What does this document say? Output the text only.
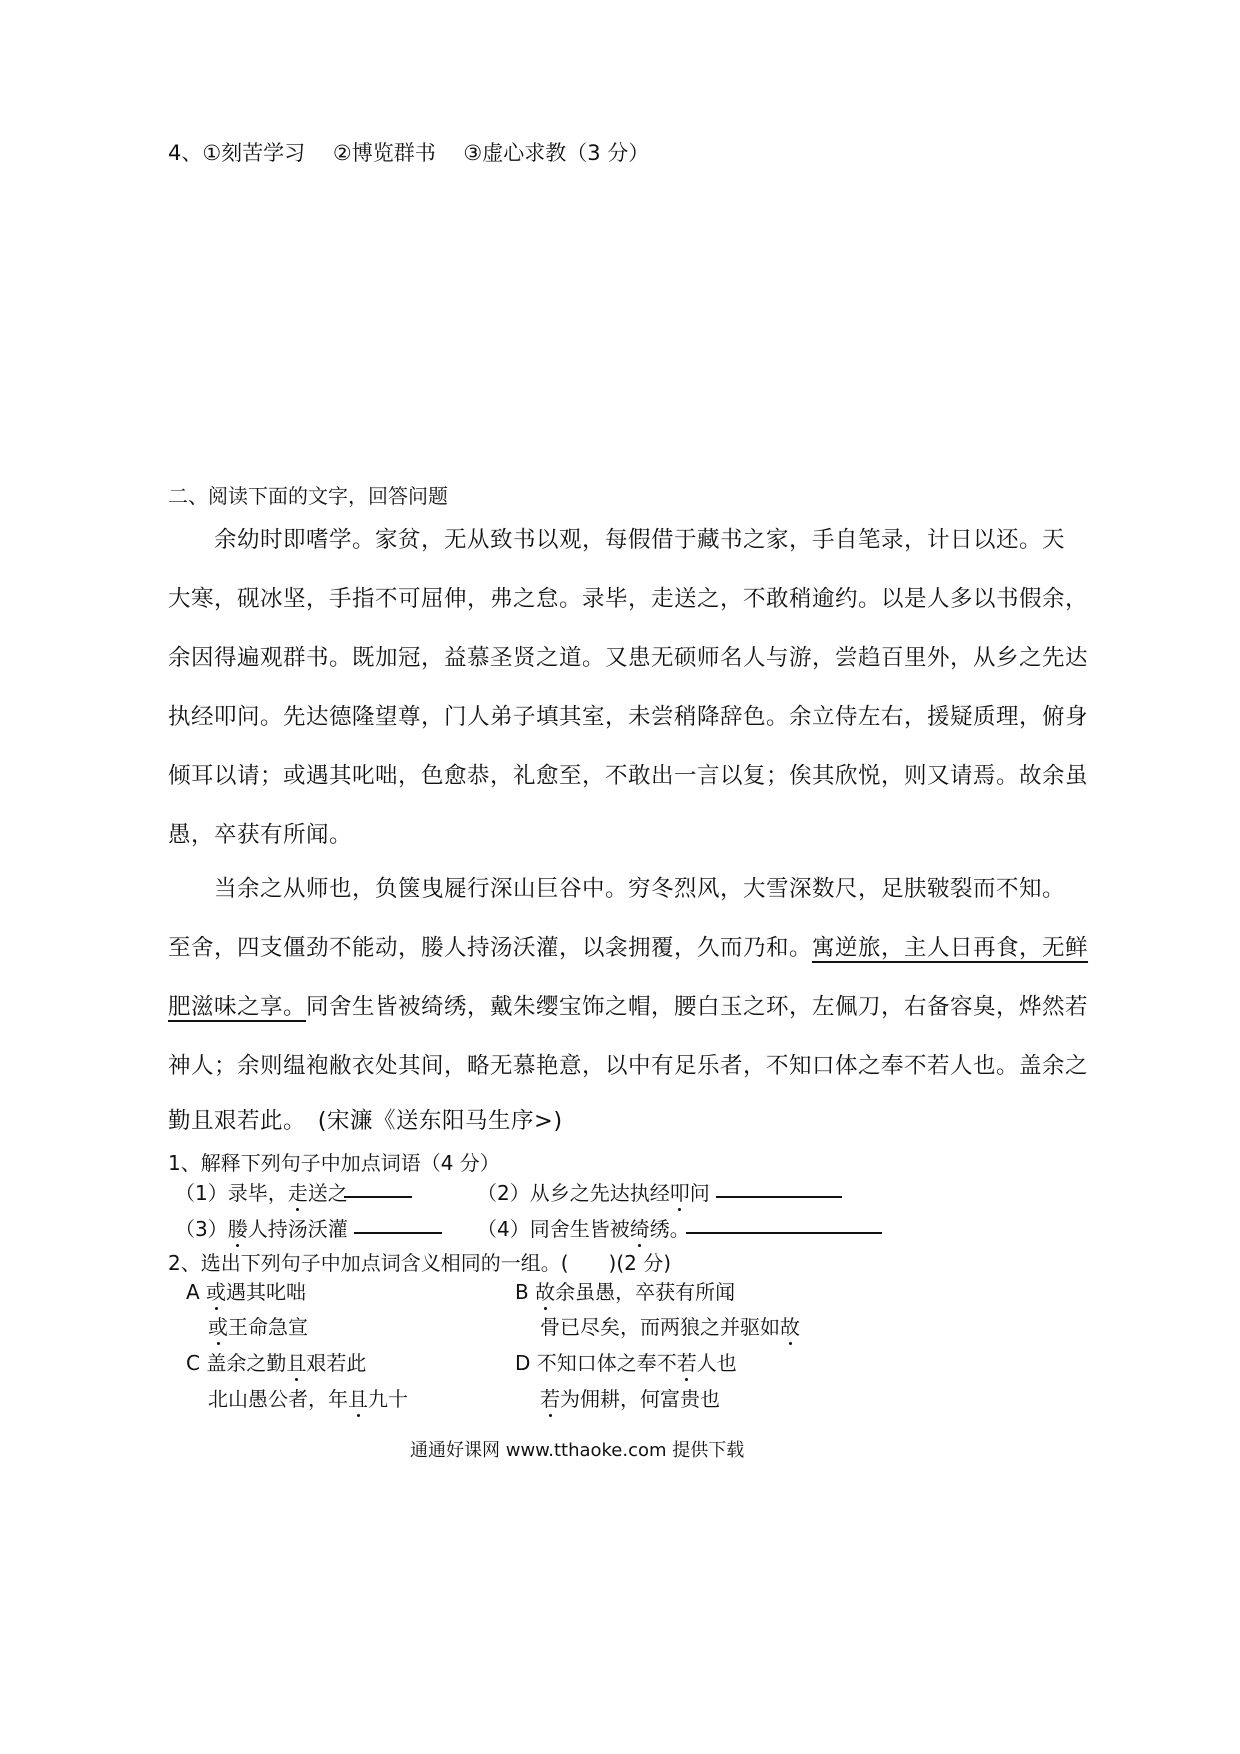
4、①刻苦学习　 ②博览群书　 ③虚心求教（3 分）
二、阅读下面的文字，回答问题
余幼时即嗜学。家贫，无从致书以观，每假借于藏书之家，手自笔录，计日以还。天
大寒，砚冰坚，手指不可屈伸，弗之怠。录毕，走送之，不敢稍逾约。以是人多以书假余，
余因得遍观群书。既加冠，益慕圣贤之道。又患无硕师名人与游，尝趋百里外，从乡之先达
执经叩问。先达德隆望尊，门人弟子填其室，未尝稍降辞色。余立侍左右，援疑质理，俯身
倾耳以请；或遇其叱咄，色愈恭，礼愈至，不敢出一言以复；俟其欣悦，则又请焉。故余虽
愚，卒获有所闻。
当余之从师也，负箧曳屣行深山巨谷中。穷冬烈风，大雪深数尺，足肤皲裂而不知。
至舍，四支僵劲不能动，媵人持汤沃灌，以衾拥覆，久而乃和。寓逆旅，主人日再食，无鲜
肥滋味之享。同舍生皆被绮绣，戴朱缨宝饰之帽，腰白玉之环，左佩刀，右备容臭，烨然若
神人；余则缊袍敝衣处其间，略无慕艳意，以中有足乐者，不知口体之奉不若人也。盖余之
勤且艰若此。　(宋濂《送东阳马生序>)
1、解释下列句子中加点词语（4 分）
（1）录毕，走送之	（2）从乡之先达执经叩问
（3）媵人持汤沃灌	（4）同舍生皆被绮绣。
2、选出下列句子中加点词含义相同的一组。(　　)(2 分)
A 或遇其叱咄
或王命急宣
B 故余虽愚，卒获有所闻
骨已尽矣，而两狼之并驱如故
C 盖余之勤且艰若此
北山愚公者，年且九十
D 不知口体之奉不若人也
若为佣耕，何富贵也
通通好课网 www.tthaoke.com 提供下载
